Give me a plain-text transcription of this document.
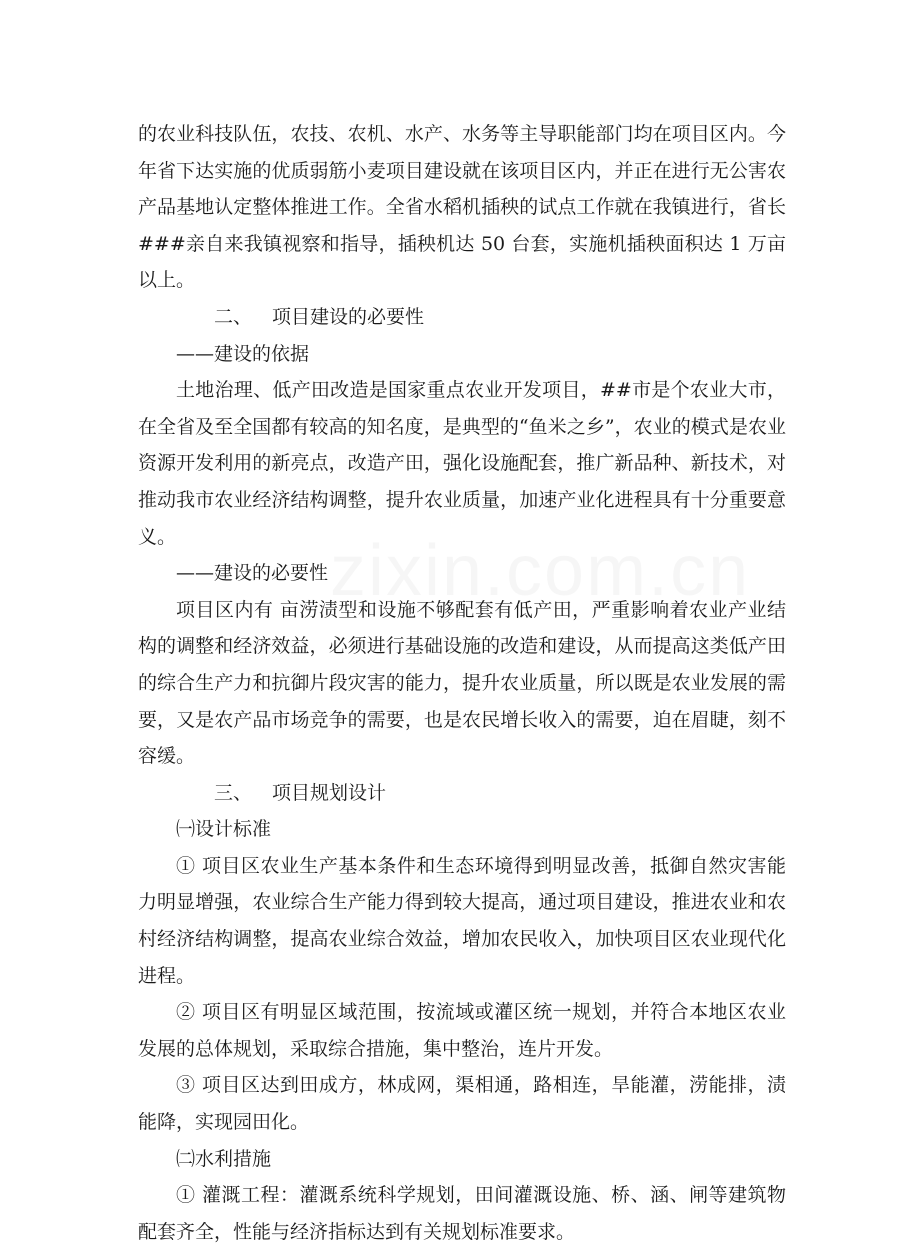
的农业科技队伍，农技、农机、水产、水务等主导职能部门均在项目区内。今年省下达实施的优质弱筋小麦项目建设就在该项目区内，并正在进行无公害农产品基地认定整体推进工作。全省水稻机插秧的试点工作就在我镇进行，省长###亲自来我镇视察和指导，插秧机达 50 台套，实施机插秧面积达 1 万亩以上。

二、 项目建设的必要性

——建设的依据

土地治理、低产田改造是国家重点农业开发项目，##市是个农业大市，在全省及至全国都有较高的知名度，是典型的“鱼米之乡”，农业的模式是农业资源开发利用的新亮点，改造产田，强化设施配套，推广新品种、新技术，对推动我市农业经济结构调整，提升农业质量，加速产业化进程具有十分重要意义。

——建设的必要性

项目区内有 亩涝渍型和设施不够配套有低产田，严重影响着农业产业结构的调整和经济效益，必须进行基础设施的改造和建设，从而提高这类低产田的综合生产力和抗御片段灾害的能力，提升农业质量，所以既是农业发展的需要，又是农产品市场竞争的需要，也是农民增长收入的需要，迫在眉睫，刻不容缓。

三、 项目规划设计

㈠设计标准

① 项目区农业生产基本条件和生态环境得到明显改善，抵御自然灾害能力明显增强，农业综合生产能力得到较大提高，通过项目建设，推进农业和农村经济结构调整，提高农业综合效益，增加农民收入，加快项目区农业现代化进程。

② 项目区有明显区域范围，按流域或灌区统一规划，并符合本地区农业发展的总体规划，采取综合措施，集中整治，连片开发。

③ 项目区达到田成方，林成网，渠相通，路相连，旱能灌，涝能排，渍能降，实现园田化。

㈡水利措施

① 灌溉工程：灌溉系统科学规划，田间灌溉设施、桥、涵、闸等建筑物配套齐全，性能与经济指标达到有关规划标准要求。
